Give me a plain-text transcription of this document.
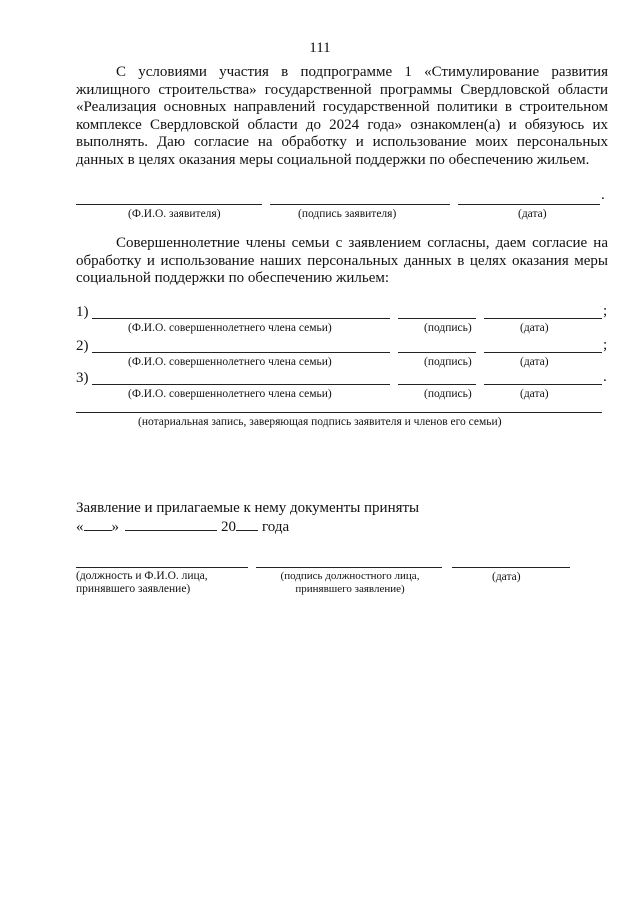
111
С условиями участия в подпрограмме 1 «Стимулирование развития жилищного строительства» государственной программы Свердловской области «Реализация основных направлений государственной политики в строительном комплексе Свердловской области до 2024 года» ознакомлен(а) и обязуюсь их выполнять. Даю согласие на обработку и использование моих персональных данных в целях оказания меры социальной поддержки по обеспечению жильем.
.
(Ф.И.О. заявителя)	(подпись заявителя)	(дата)
Совершеннолетние члены семьи с заявлением согласны, даем согласие на обработку и использование наших персональных данных в целях оказания меры социальной поддержки по обеспечению жильем:
1)	;
(Ф.И.О. совершеннолетнего члена семьи)	(подпись)	(дата)
2)	;
(Ф.И.О. совершеннолетнего члена семьи)	(подпись)	(дата)
3)	.
(Ф.И.О. совершеннолетнего члена семьи)	(подпись)	(дата)
(нотариальная запись, заверяющая подпись заявителя и членов его семьи)
Заявление и прилагаемые к нему документы приняты
« »	20 года
(должность и Ф.И.О. лица,
принявшего заявление)
(подпись должностного лица,
принявшего заявление)
(дата)
